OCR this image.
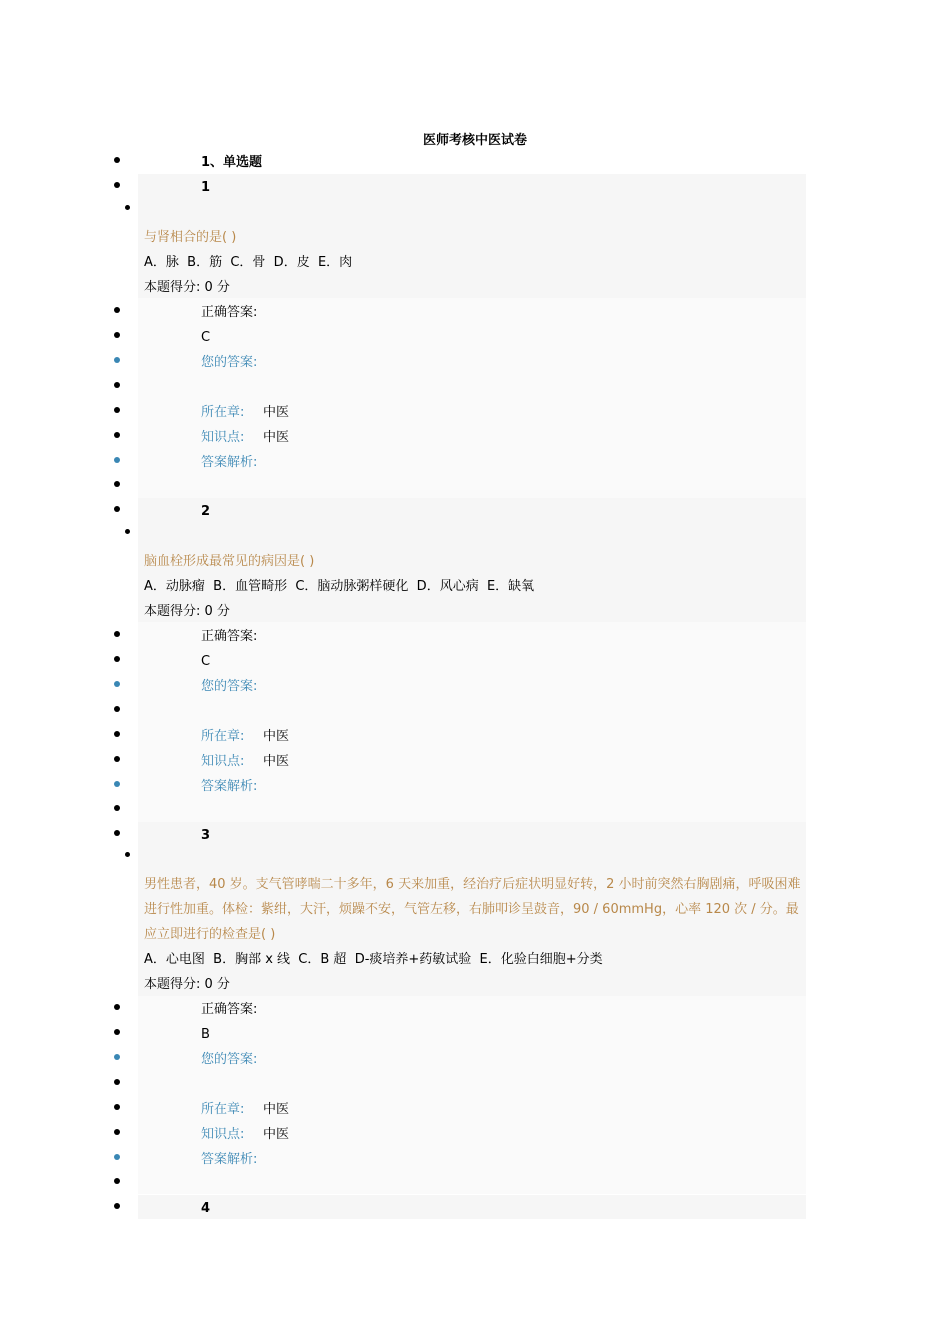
医师考核中医试卷
1、单选题
1
与肾相合的是( )
A．脉  B．筋  C．骨  D．皮  E．肉
本题得分: 0 分
正确答案:
C
您的答案:
所在章: 中医
知识点: 中医
答案解析:
2
脑血栓形成最常见的病因是( )
A．动脉瘤  B．血管畸形  C．脑动脉粥样硬化  D．风心病  E．缺氧
本题得分: 0 分
正确答案:
C
您的答案:
所在章: 中医
知识点: 中医
答案解析:
3
男性患者，40 岁。支气管哮喘二十多年，6 天来加重，经治疗后症状明显好转，2 小时前突然右胸剧痛，呼吸困难进行性加重。体检：紫绀，大汗，烦躁不安，气管左移，右肺叩诊呈鼓音，90 / 60mmHg，心率 120 次 / 分。最应立即进行的检查是( )
A．心电图  B．胸部 x 线  C．B 超  D-痰培养+药敏试验  E．化验白细胞+分类
本题得分: 0 分
正确答案:
B
您的答案:
所在章: 中医
知识点: 中医
答案解析:
4
